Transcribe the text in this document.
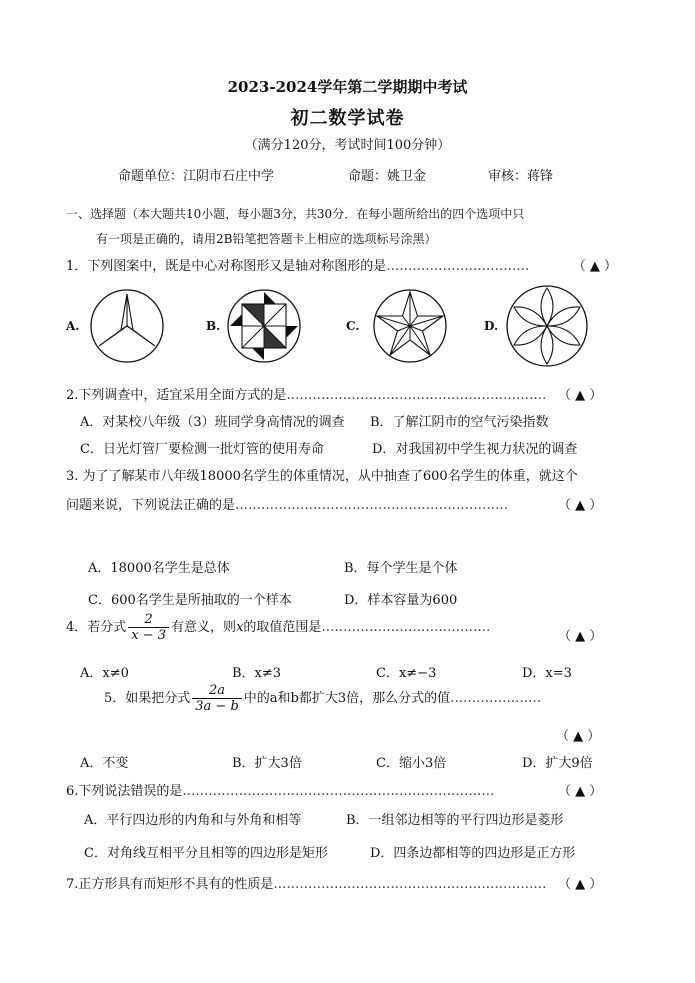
2023-2024学年第二学期期中考试
初二数学试卷
（满分120分，考试时间100分钟）
命题单位：江阴市石庄中学	命题：姚卫金	审核：蒋锋
一、选择题（本大题共10小题，每小题3分，共30分．在每小题所给出的四个选项中只
有一项是正确的，请用2B铅笔把答题卡上相应的选项标号涂黑）
1．下列图案中，既是中心对称图形又是轴对称图形的是……………………………	（ ▲ ）
A.	B.	C.	D.
2.下列调查中，适宜采用全面方式的是…………………………………………………… （ ▲ ）
A．对某校八年级（3）班同学身高情况的调查 B．了解江阴市的空气污染指数
C．日光灯管厂要检测一批灯管的使用寿命	D．对我国初中学生视力状况的调查
3. 为了了解某市八年级18000名学生的体重情况，从中抽查了600名学生的体重，就这个
问题来说，下列说法正确的是………………………………………………………	（ ▲ ）
A．18000名学生是总体	B．每个学生是个体
C．600名学生是所抽取的一个样本	D．样本容量为600
4．若分式 $\frac{2}{x - 3}$ 有意义，则x的取值范围是…………………………………
（ ▲ ）
A．x≠0	B．x≠3	C．x≠−3	D．x=3
5．如果把分式 $\frac{2a}{3a - b}$ 中的a和b都扩大3倍，那么分式的值…………………
（ ▲ ）
A．不变	B．扩大3倍	C．缩小3倍	D．扩大9倍
6.下列说法错误的是………………………………………………………………	（ ▲ ）
A．平行四边形的内角和与外角和相等	B．一组邻边相等的平行四边形是菱形
C．对角线互相平分且相等的四边形是矩形	D．四条边都相等的四边形是正方形
7.正方形具有而矩形不具有的性质是……………………………………………………… （ ▲ ）
